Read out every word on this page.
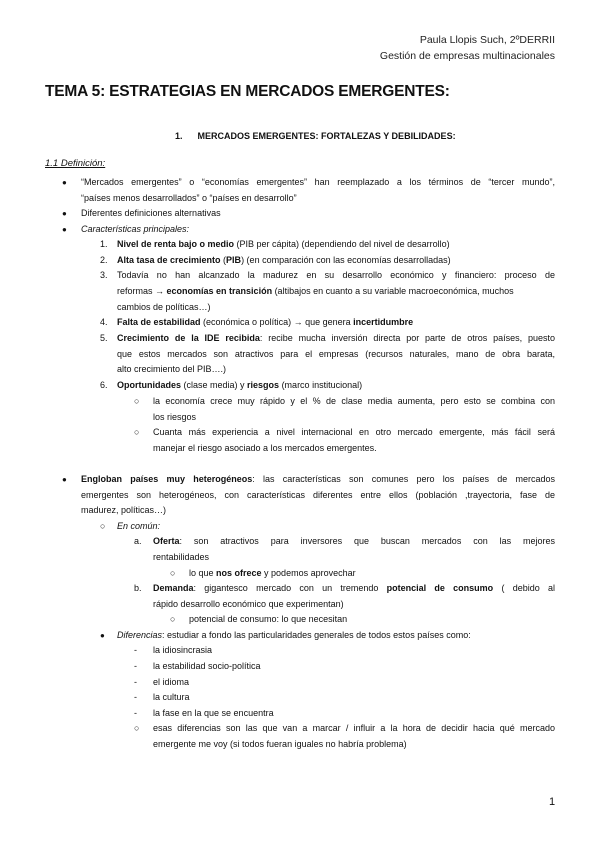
Paula Llopis Such, 2ºDERRII
Gestión de empresas multinacionales
TEMA 5: ESTRATEGIAS EN MERCADOS EMERGENTES:
1. MERCADOS EMERGENTES: FORTALEZAS Y DEBILIDADES:
1.1 Definición:
● “Mercados emergentes” o “economías emergentes” han reemplazado a los términos de “tercer mundo”,
“países menos desarrollados” o “países en desarrollo”
● Diferentes definiciones alternativas
● Características principales:
1. Nivel de renta bajo o medio (PIB per cápita) (dependiendo del nivel de desarrollo)
2. Alta tasa de crecimiento (PIB) (en comparación con las economías desarrolladas)
3. Todavía no han alcanzado la madurez en su desarrollo económico y financiero: proceso de
reformas → economías en transición (altibajos en cuanto a su variable macroeconómica, muchos
cambios de políticas…)
4. Falta de estabilidad (económica o política) → que genera incertidumbre
5. Crecimiento de la IDE recibida: recibe mucha inversión directa por parte de otros países, puesto
que estos mercados son atractivos para el empresas (recursos naturales, mano de obra barata,
alto crecimiento del PIB….)
6. Oportunidades (clase media) y riesgos (marco institucional)
○ la economía crece muy rápido y el % de clase media aumenta, pero esto se combina con
los riesgos
○ Cuanta más experiencia a nivel internacional en otro mercado emergente, más fácil será
manejar el riesgo asociado a los mercados emergentes.
● Engloban países muy heterogéneos: las características son comunes pero los países de mercados
emergentes son heterogéneos, con características diferentes entre ellos (población ,trayectoria, fase de
madurez, políticas…)
○ En común:
a. Oferta: son atractivos para inversores que buscan mercados con las mejores
rentabilidades
○ lo que nos ofrece y podemos aprovechar
b. Demanda: gigantesco mercado con un tremendo potencial de consumo ( debido al
rápido desarrollo económico que experimentan)
○ potencial de consumo: lo que necesitan
● Diferencias: estudiar a fondo las particularidades generales de todos estos países como:
- la idiosincrasia
- la estabilidad socio-política
- el idioma
- la cultura
- la fase en la que se encuentra
○ esas diferencias son las que van a marcar / influir a la hora de decidir hacia qué mercado
emergente me voy (si todos fueran iguales no habría problema)
1
